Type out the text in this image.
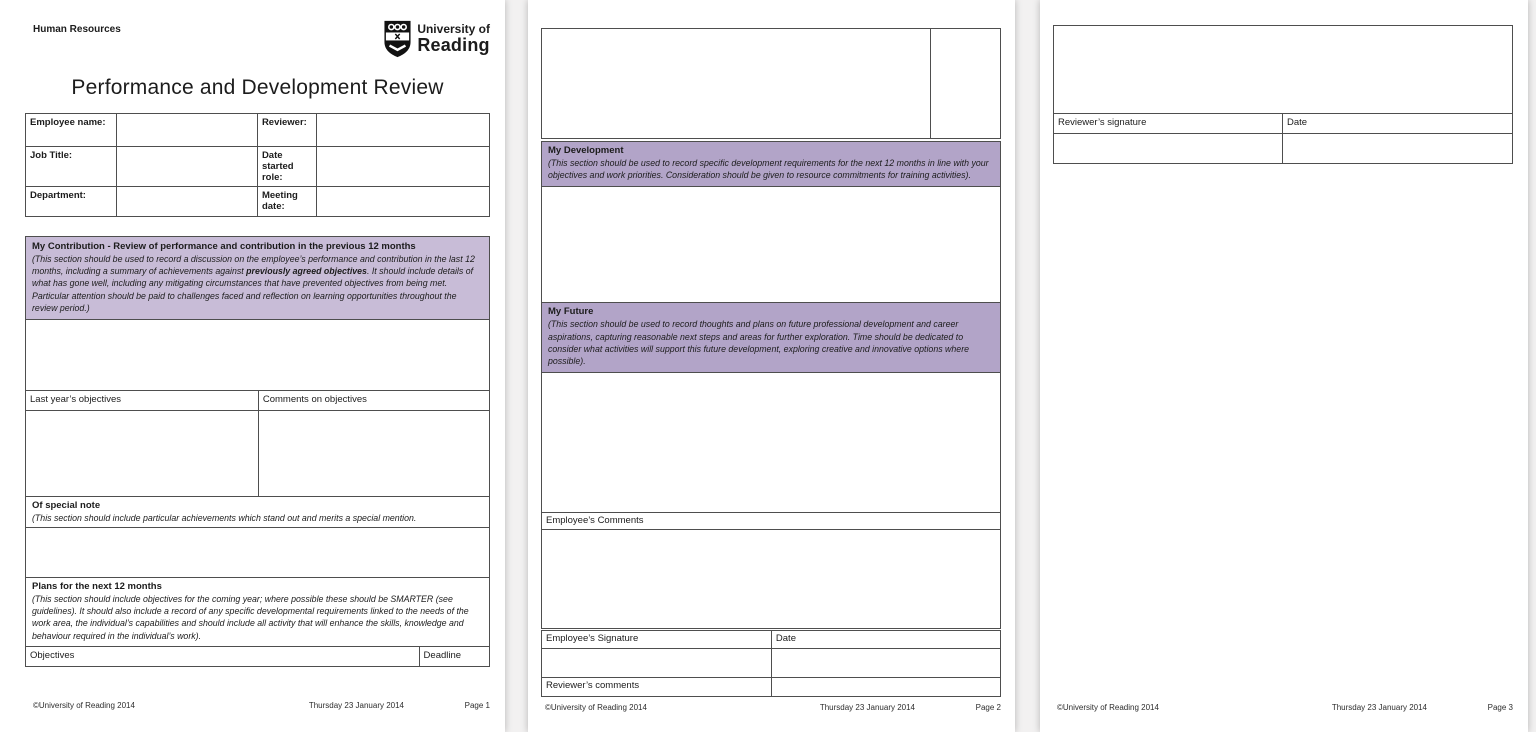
Human Resources	University of
Reading
Performance and Development Review
Employee name:	Reviewer:
Job Title:	Date started role:
Department:	Meeting date:
My Contribution - Review of performance and contribution in the previous 12 months
(This section should be used to record a discussion on the employee’s performance and contribution in the last 12 months, including a summary of achievements against previously agreed objectives. It should include details of what has gone well, including any mitigating circumstances that have prevented objectives from being met. Particular attention should be paid to challenges faced and reflection on learning opportunities throughout the review period.)
Last year’s objectives	Comments on objectives
Of special note
(This section should include particular achievements which stand out and merits a special mention.
Plans for the next 12 months
(This section should include objectives for the coming year; where possible these should be SMARTER (see guidelines). It should also include a record of any specific developmental requirements linked to the needs of the work area, the individual’s capabilities and should include all activity that will enhance the skills, knowledge and behaviour required in the individual’s work).
Objectives	Deadline
©University of Reading 2014	Thursday 23 January 2014	Page 1
My Development
(This section should be used to record specific development requirements for the next 12 months in line with your objectives and work priorities. Consideration should be given to resource commitments for training activities).
My Future
(This section should be used to record thoughts and plans on future professional development and career aspirations, capturing reasonable next steps and areas for further exploration. Time should be dedicated to consider what activities will support this future development, exploring creative and innovative options where possible).
Employee’s Comments
Employee’s Signature	Date
Reviewer’s comments
©University of Reading 2014	Thursday 23 January 2014	Page 2
Reviewer’s signature	Date
©University of Reading 2014	Thursday 23 January 2014	Page 3
